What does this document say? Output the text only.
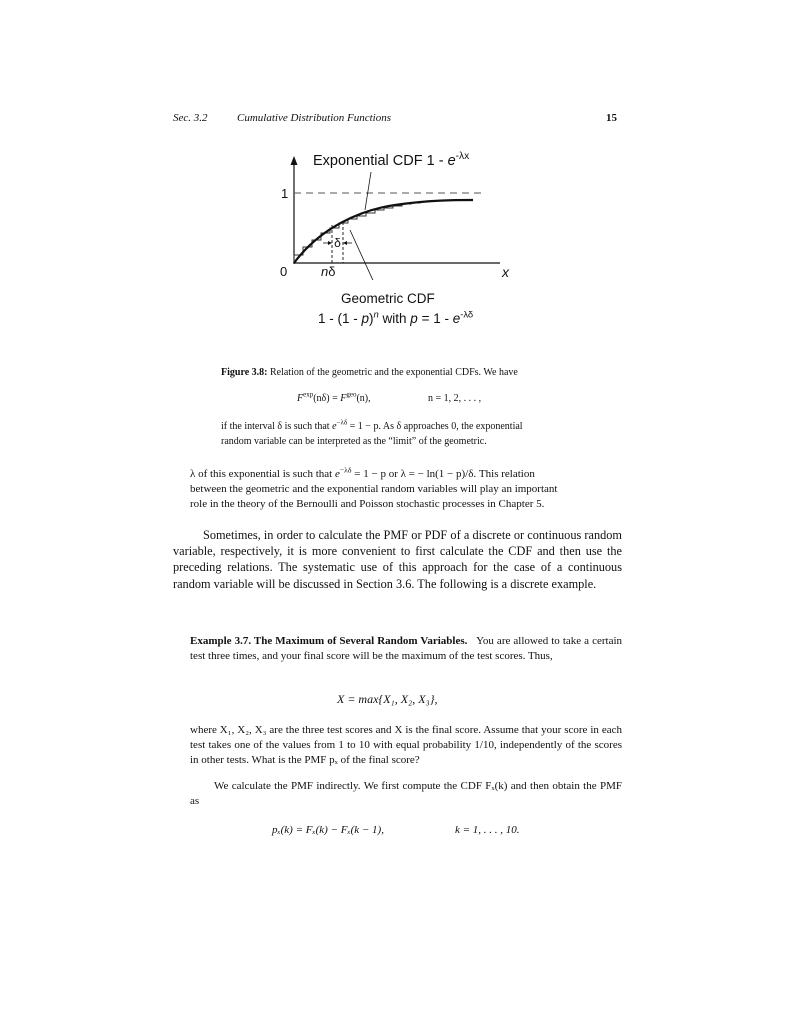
Sec. 3.2	Cumulative Distribution Functions	15
δ
Exponential CDF $1 - e^{-\lambda x}$
1
0	nδ	x
Geometric CDF
1 - (1 - p)$^n$ with $p = 1 - e^{-\lambda\delta}$
Figure 3.8: Relation of the geometric and the exponential CDFs. We have
$F^{exp}(n\delta) = F^{geo}(n)$,	n = 1, 2, . . . ,
if the interval δ is such that $e^{-\lambda\delta} = 1 - p$. As δ approaches 0, the exponential
random variable can be interpreted as the “limit” of the geometric.
λ of this exponential is such that $e^{-\lambda\delta} = 1 - p$ or λ = − ln(1 − p)/δ. This relation
between the geometric and the exponential random variables will play an important
role in the theory of the Bernoulli and Poisson stochastic processes in Chapter 5.
Sometimes, in order to calculate the PMF or PDF of a discrete or continuous random variable, respectively, it is more convenient to first calculate the CDF and then use the preceding relations. The systematic use of this approach for the case of a continuous random variable will be discussed in Section 3.6. The following is a discrete example.
Example 3.7. The Maximum of Several Random Variables. You are allowed to take a certain test three times, and your final score will be the maximum of the test scores. Thus,
X = max{X₁, X₂, X₃},
where X₁, X₂, X₃ are the three test scores and X is the final score. Assume that your score in each test takes one of the values from 1 to 10 with equal probability 1/10, independently of the scores in other tests. What is the PMF pₓ of the final score?
We calculate the PMF indirectly. We first compute the CDF Fₓ(k) and then obtain the PMF as
pₓ(k) = Fₓ(k) − Fₓ(k − 1),	k = 1, . . . , 10.
